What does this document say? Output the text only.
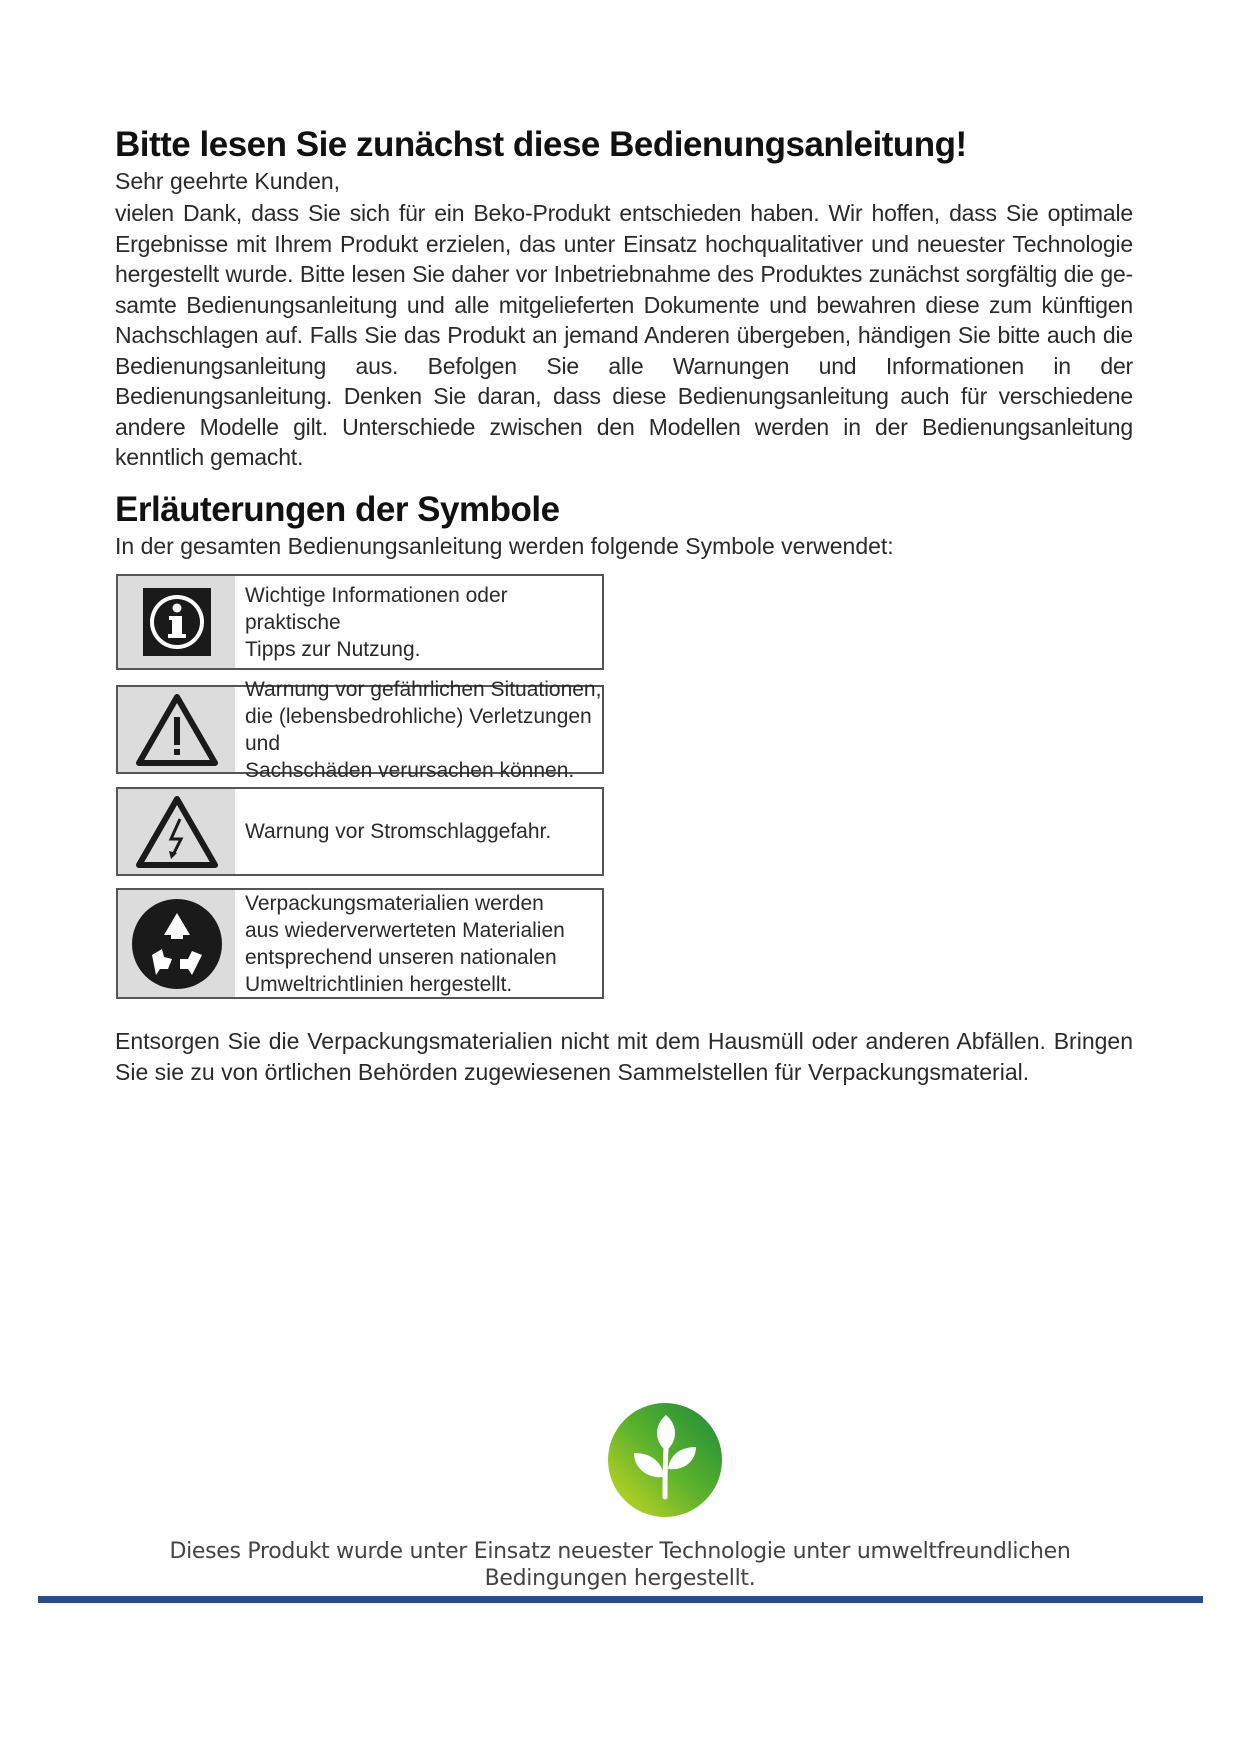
Bitte lesen Sie zunächst diese Bedienungsanleitung!

Sehr geehrte Kunden,

vielen Dank, dass Sie sich für ein Beko-Produkt entschieden haben. Wir hoffen, dass Sie optimale Ergebnisse mit Ihrem Produkt erzielen, das unter Einsatz hochqualitativer und neuester Technologie hergestellt wurde. Bitte lesen Sie daher vor Inbetriebnahme des Produktes zunächst sorgfältig die ge-samte Bedienungsanleitung und alle mitgelieferten Dokumente und bewahren diese zum künftigen Nachschlagen auf. Falls Sie das Produkt an jemand Anderen übergeben, händigen Sie bitte auch die Bedienungsanleitung aus. Befolgen Sie alle Warnungen und Informationen in der Bedienungsanleitung. Denken Sie daran, dass diese Bedienungsanleitung auch für verschiedene andere Modelle gilt. Unterschiede zwischen den Modellen werden in der Bedienungsanleitung kenntlich gemacht.

Erläuterungen der Symbole

In der gesamten Bedienungsanleitung werden folgende Symbole verwendet:

Wichtige Informationen oder praktische
Tipps zur Nutzung.
Warnung vor gefährlichen Situationen,
die (lebensbedrohliche) Verletzungen und
Sachschäden verursachen können.
Warnung vor Stromschlaggefahr.
Verpackungsmaterialien werden
aus wiederverwerteten Materialien
entsprechend unseren nationalen
Umweltrichtlinien hergestellt.

Entsorgen Sie die Verpackungsmaterialien nicht mit dem Hausmüll oder anderen Abfällen. Bringen Sie sie zu von örtlichen Behörden zugewiesenen Sammelstellen für Verpackungsmaterial.

Dieses Produkt wurde unter Einsatz neuester Technologie unter umweltfreundlichen Bedingungen hergestellt.
